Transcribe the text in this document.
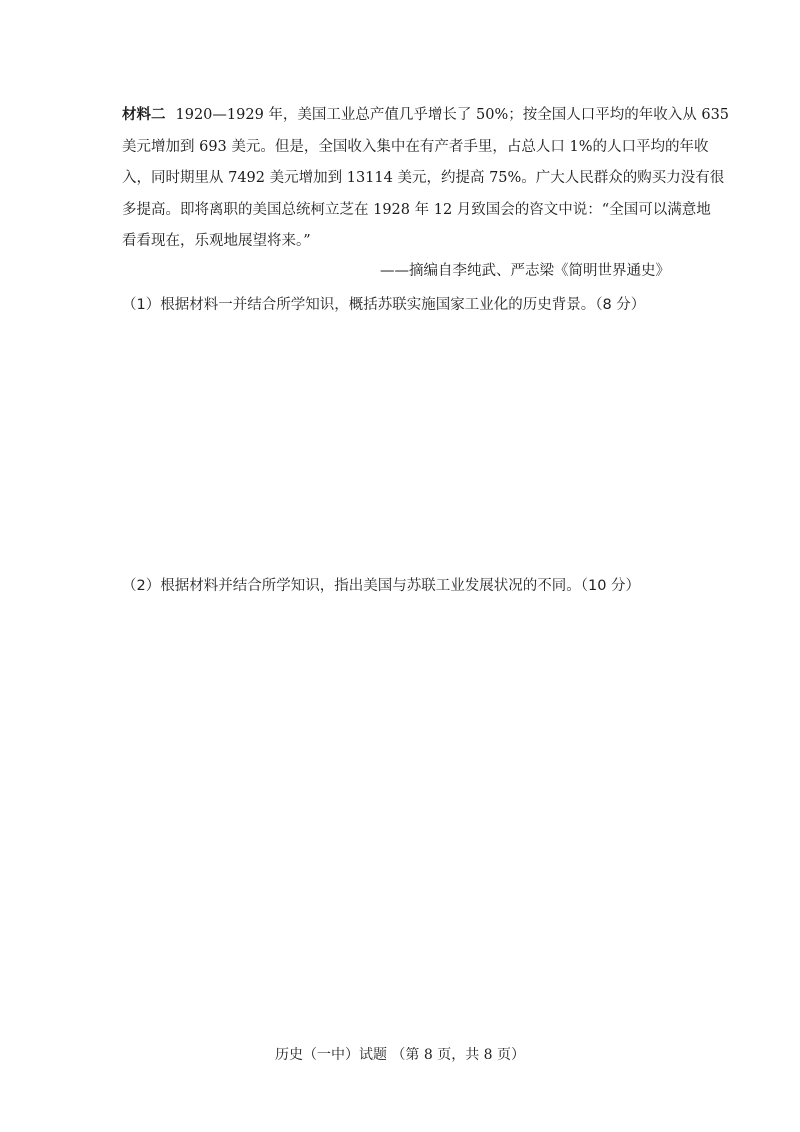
材料二 1920—1929 年，美国工业总产值几乎增长了 50%；按全国人口平均的年收入从 635
美元增加到 693 美元。但是，全国收入集中在有产者手里，占总人口 1%的人口平均的年收
入，同时期里从 7492 美元增加到 13114 美元，约提高 75%。广大人民群众的购买力没有很
多提高。即将离职的美国总统柯立芝在 1928 年 12 月致国会的咨文中说：“全国可以满意地
看看现在，乐观地展望将来。”
——摘编自李纯武、严志梁《简明世界通史》
（1）根据材料一并结合所学知识，概括苏联实施国家工业化的历史背景。（8 分）
（2）根据材料并结合所学知识，指出美国与苏联工业发展状况的不同。（10 分）
历史（一中）试题 （第 8 页，共 8 页）
